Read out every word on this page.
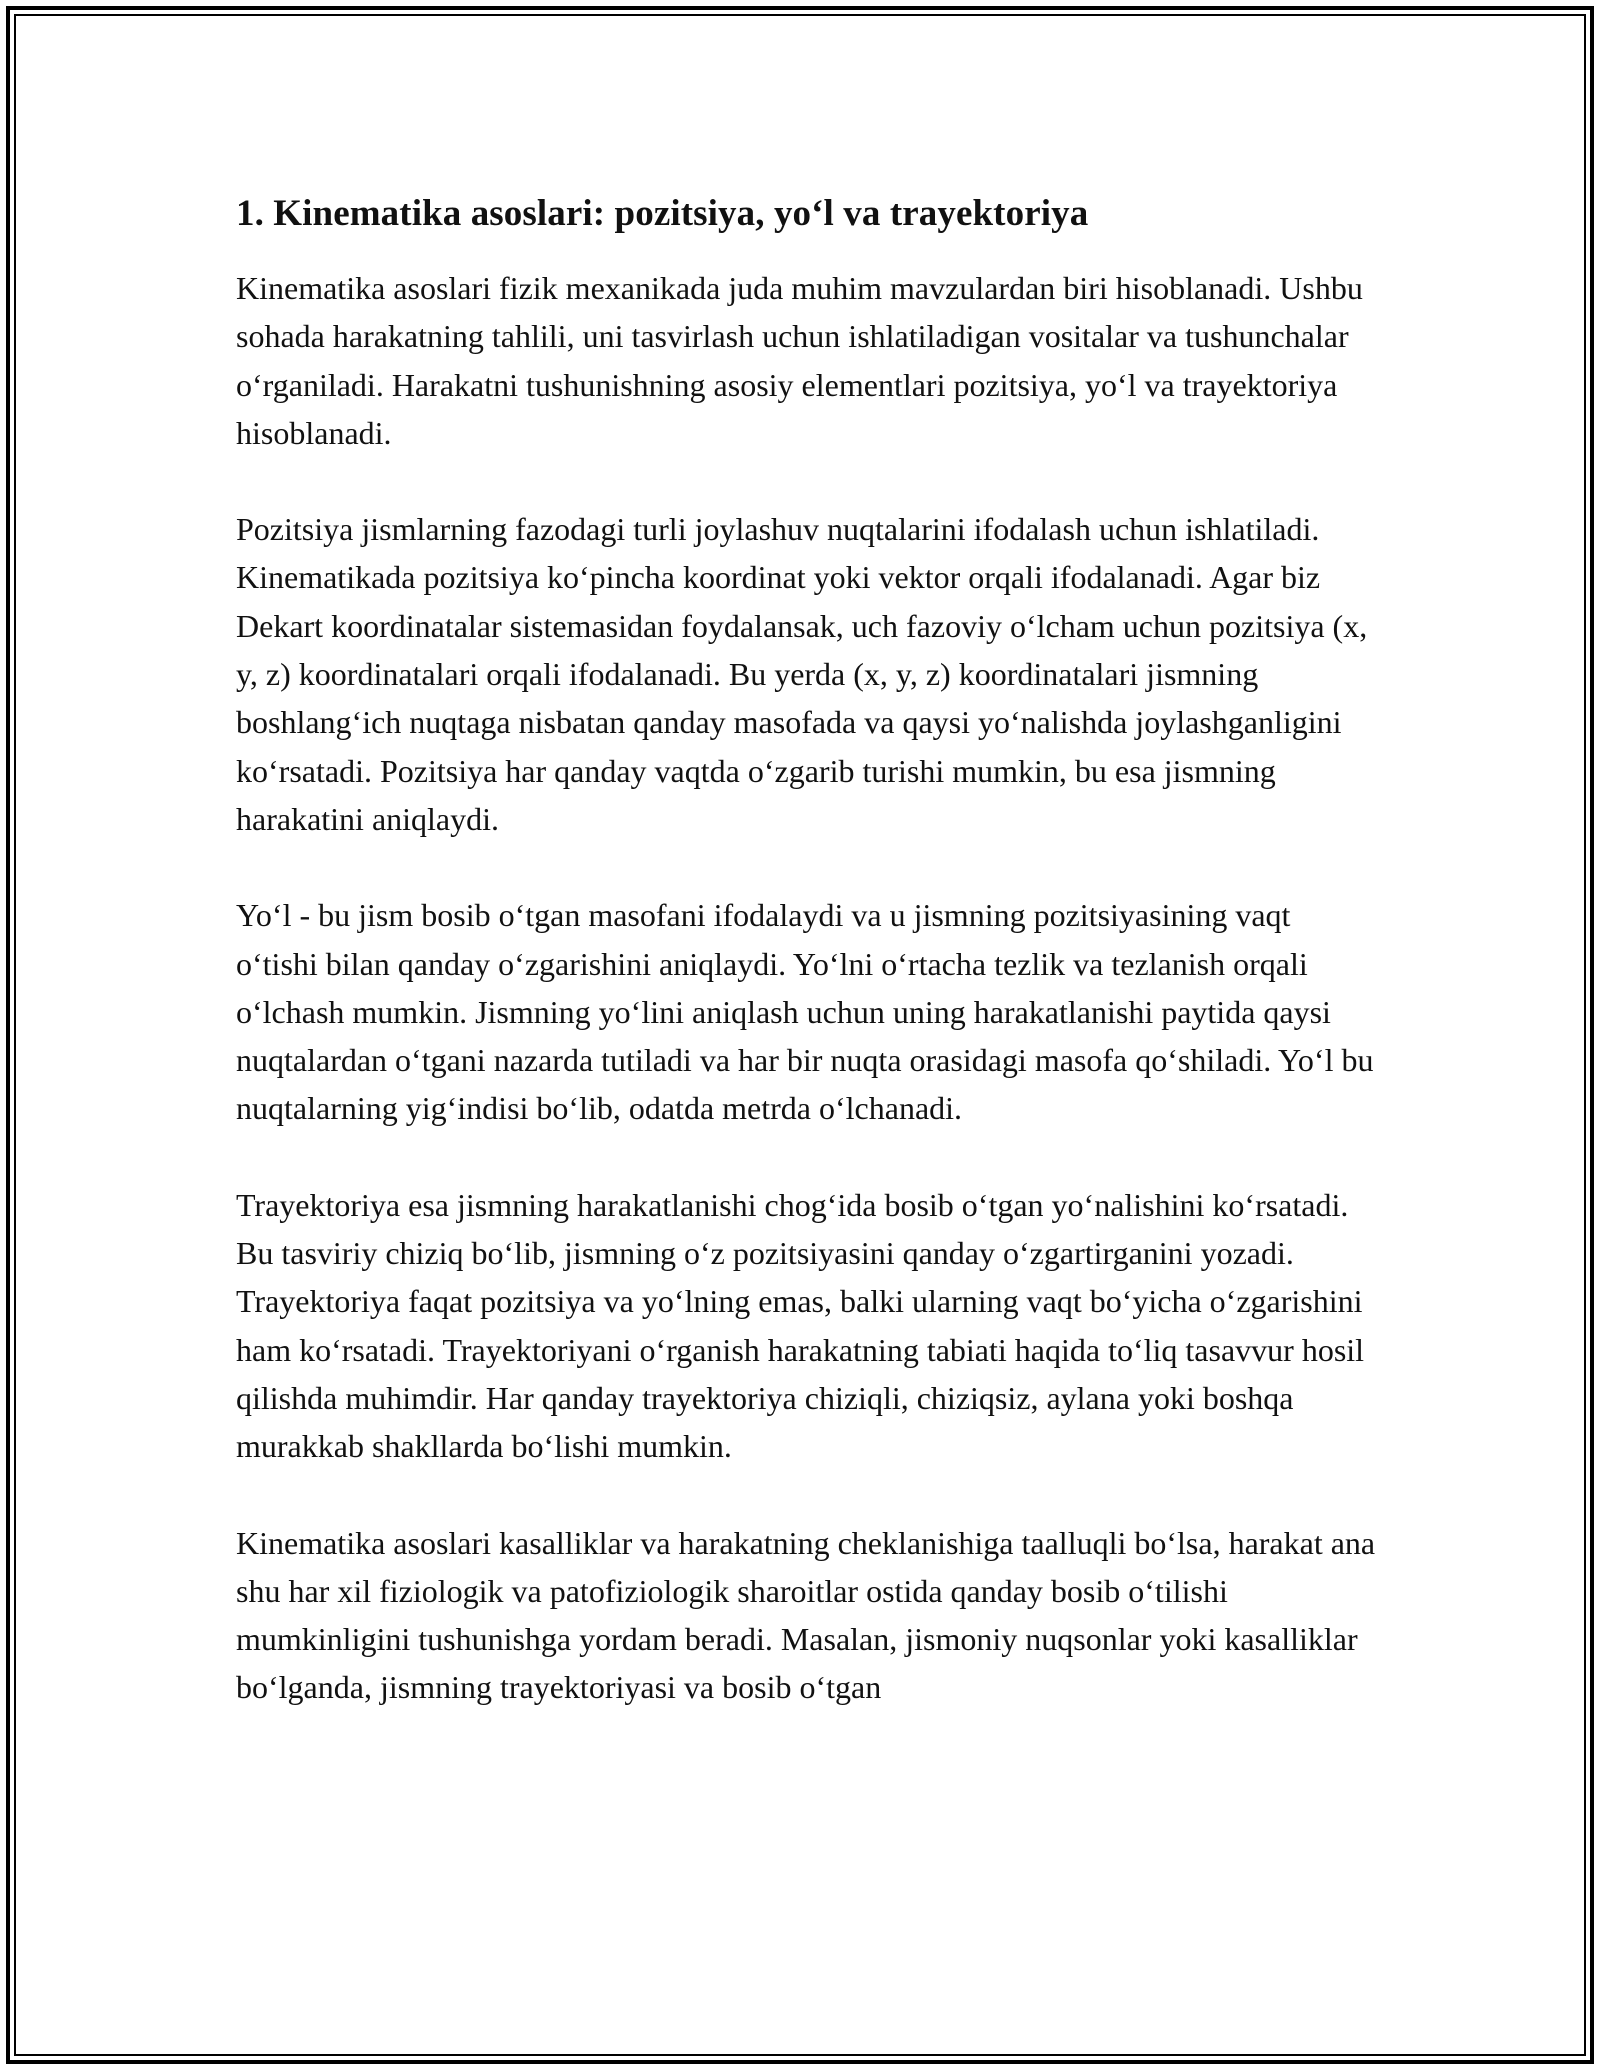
1. Kinematika asoslari: pozitsiya, yo‘l va trayektoriya

Kinematika asoslari fizik mexanikada juda muhim mavzulardan biri hisoblanadi. Ushbu sohada harakatning tahlili, uni tasvirlash uchun ishlatiladigan vositalar va tushunchalar o‘rganiladi. Harakatni tushunishning asosiy elementlari pozitsiya, yo‘l va trayektoriya hisoblanadi.

Pozitsiya jismlarning fazodagi turli joylashuv nuqtalarini ifodalash uchun ishlatiladi. Kinematikada pozitsiya ko‘pincha koordinat yoki vektor orqali ifodalanadi. Agar biz Dekart koordinatalar sistemasidan foydalansak, uch fazoviy o‘lcham uchun pozitsiya (x, y, z) koordinatalari orqali ifodalanadi. Bu yerda (x, y, z) koordinatalari jismning boshlang‘ich nuqtaga nisbatan qanday masofada va qaysi yo‘nalishda joylashganligini ko‘rsatadi. Pozitsiya har qanday vaqtda o‘zgarib turishi mumkin, bu esa jismning harakatini aniqlaydi.

Yo‘l - bu jism bosib o‘tgan masofani ifodalaydi va u jismning pozitsiyasining vaqt o‘tishi bilan qanday o‘zgarishini aniqlaydi. Yo‘lni o‘rtacha tezlik va tezlanish orqali o‘lchash mumkin. Jismning yo‘lini aniqlash uchun uning harakatlanishi paytida qaysi nuqtalardan o‘tgani nazarda tutiladi va har bir nuqta orasidagi masofa qo‘shiladi. Yo‘l bu nuqtalarning yig‘indisi bo‘lib, odatda metrda o‘lchanadi.

Trayektoriya esa jismning harakatlanishi chog‘ida bosib o‘tgan yo‘nalishini ko‘rsatadi. Bu tasviriy chiziq bo‘lib, jismning o‘z pozitsiyasini qanday o‘zgartirganini yozadi. Trayektoriya faqat pozitsiya va yo‘lning emas, balki ularning vaqt bo‘yicha o‘zgarishini ham ko‘rsatadi. Trayektoriyani o‘rganish harakatning tabiati haqida to‘liq tasavvur hosil qilishda muhimdir. Har qanday trayektoriya chiziqli, chiziqsiz, aylana yoki boshqa murakkab shakllarda bo‘lishi mumkin.

Kinematika asoslari kasalliklar va harakatning cheklanishiga taalluqli bo‘lsa, harakat ana shu har xil fiziologik va patofiziologik sharoitlar ostida qanday bosib o‘tilishi mumkinligini tushunishga yordam beradi. Masalan, jismoniy nuqsonlar yoki kasalliklar bo‘lganda, jismning trayektoriyasi va bosib o‘tgan
